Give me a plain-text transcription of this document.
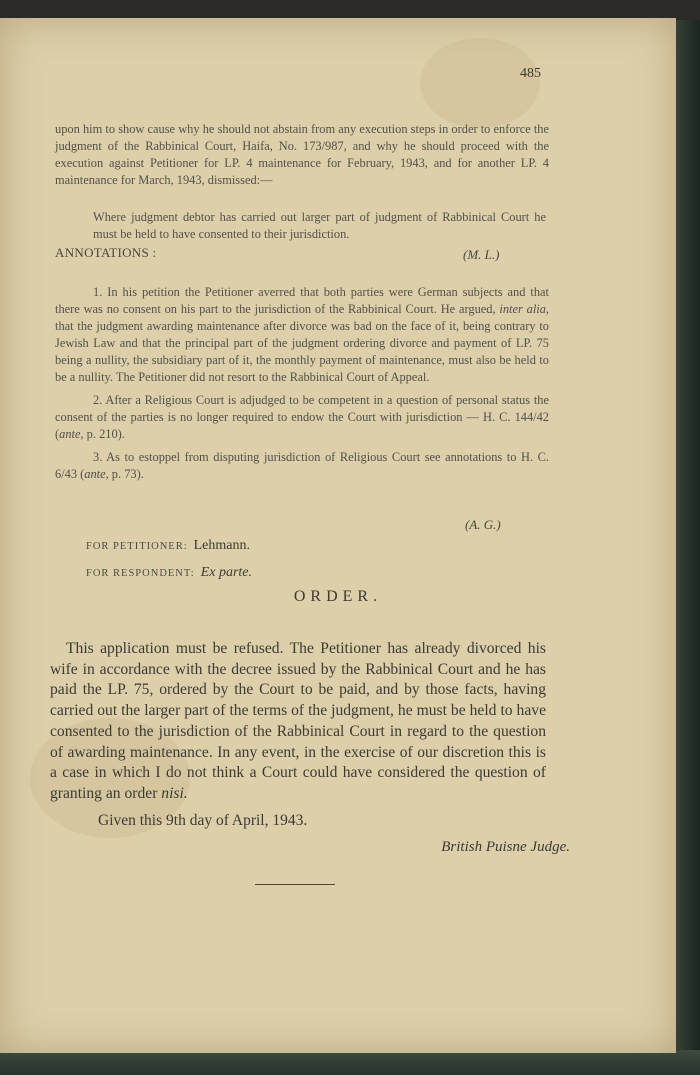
485

upon him to show cause why he should not abstain from any execution steps in order to enforce the judgment of the Rabbinical Court, Haifa, No. 173/987, and why he should proceed with the execution against Petitioner for LP. 4 maintenance for February, 1943, and for another LP. 4 maintenance for March, 1943, dismissed:—

Where judgment debtor has carried out larger part of judgment of Rabbinical Court he must be held to have consented to their jurisdiction.

(M. L.)
ANNOTATIONS :

1. In his petition the Petitioner averred that both parties were German subjects and that there was no consent on his part to the jurisdiction of the Rabbinical Court. He argued, inter alia, that the judgment awarding maintenance after divorce was bad on the face of it, being contrary to Jewish Law and that the principal part of the judgment ordering divorce and payment of LP. 75 being a nullity, the subsidiary part of it, the monthly payment of maintenance, must also be held to be a nullity. The Petitioner did not resort to the Rabbinical Court of Appeal.

2. After a Religious Court is adjudged to be competent in a question of personal status the consent of the parties is no longer required to endow the Court with jurisdiction — H. C. 144/42 (ante, p. 210).

3. As to estoppel from disputing jurisdiction of Religious Court see annotations to H. C. 6/43 (ante, p. 73).

(A. G.)
FOR PETITIONER: Lehmann.
FOR RESPONDENT: Ex parte.
ORDER.

This application must be refused. The Petitioner has already divorced his wife in accordance with the decree issued by the Rabbinical Court and he has paid the LP. 75, ordered by the Court to be paid, and by those facts, having carried out the larger part of the terms of the judgment, he must be held to have consented to the jurisdiction of the Rabbinical Court in regard to the question of awarding maintenance. In any event, in the exercise of our discretion this is a case in which I do not think a Court could have considered the question of granting an order nisi.

Given this 9th day of April, 1943.
British Puisne Judge.
